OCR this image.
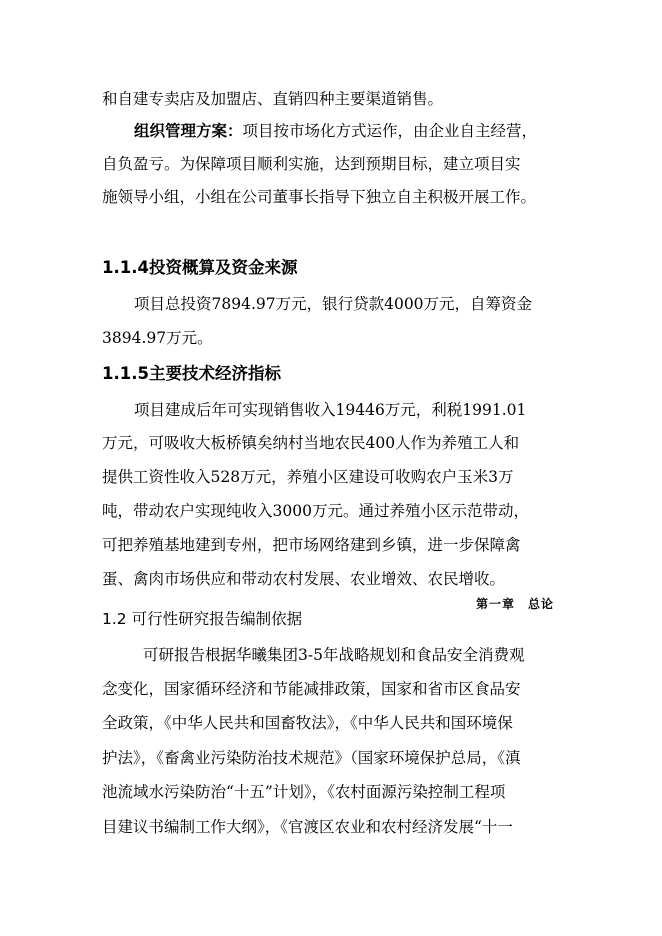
和自建专卖店及加盟店、直销四种主要渠道销售。
组织管理方案：项目按市场化方式运作，由企业自主经营，
自负盈亏。为保障项目顺利实施，达到预期目标，建立项目实
施领导小组，小组在公司董事长指导下独立自主积极开展工作。
1.1.4投资概算及资金来源
项目总投资7894.97万元，银行贷款4000万元，自筹资金
3894.97万元。
1.1.5主要技术经济指标
项目建成后年可实现销售收入19446万元，利税1991.01
万元，可吸收大板桥镇矣纳村当地农民400人作为养殖工人和
提供工资性收入528万元，养殖小区建设可收购农户玉米3万
吨，带动农户实现纯收入3000万元。通过养殖小区示范带动，
可把养殖基地建到专州，把市场网络建到乡镇，进一步保障禽
蛋、禽肉市场供应和带动农村发展、农业增效、农民增收。
第一章　总论
1.2 可行性研究报告编制依据
可研报告根据华曦集团3-5年战略规划和食品安全消费观
念变化，国家循环经济和节能减排政策，国家和省市区食品安
全政策，《中华人民共和国畜牧法》，《中华人民共和国环境保
护法》，《畜禽业污染防治技术规范》（国家环境保护总局，《滇
池流域水污染防治“十五”计划》，《农村面源污染控制工程项
目建议书编制工作大纲》，《官渡区农业和农村经济发展“十一
